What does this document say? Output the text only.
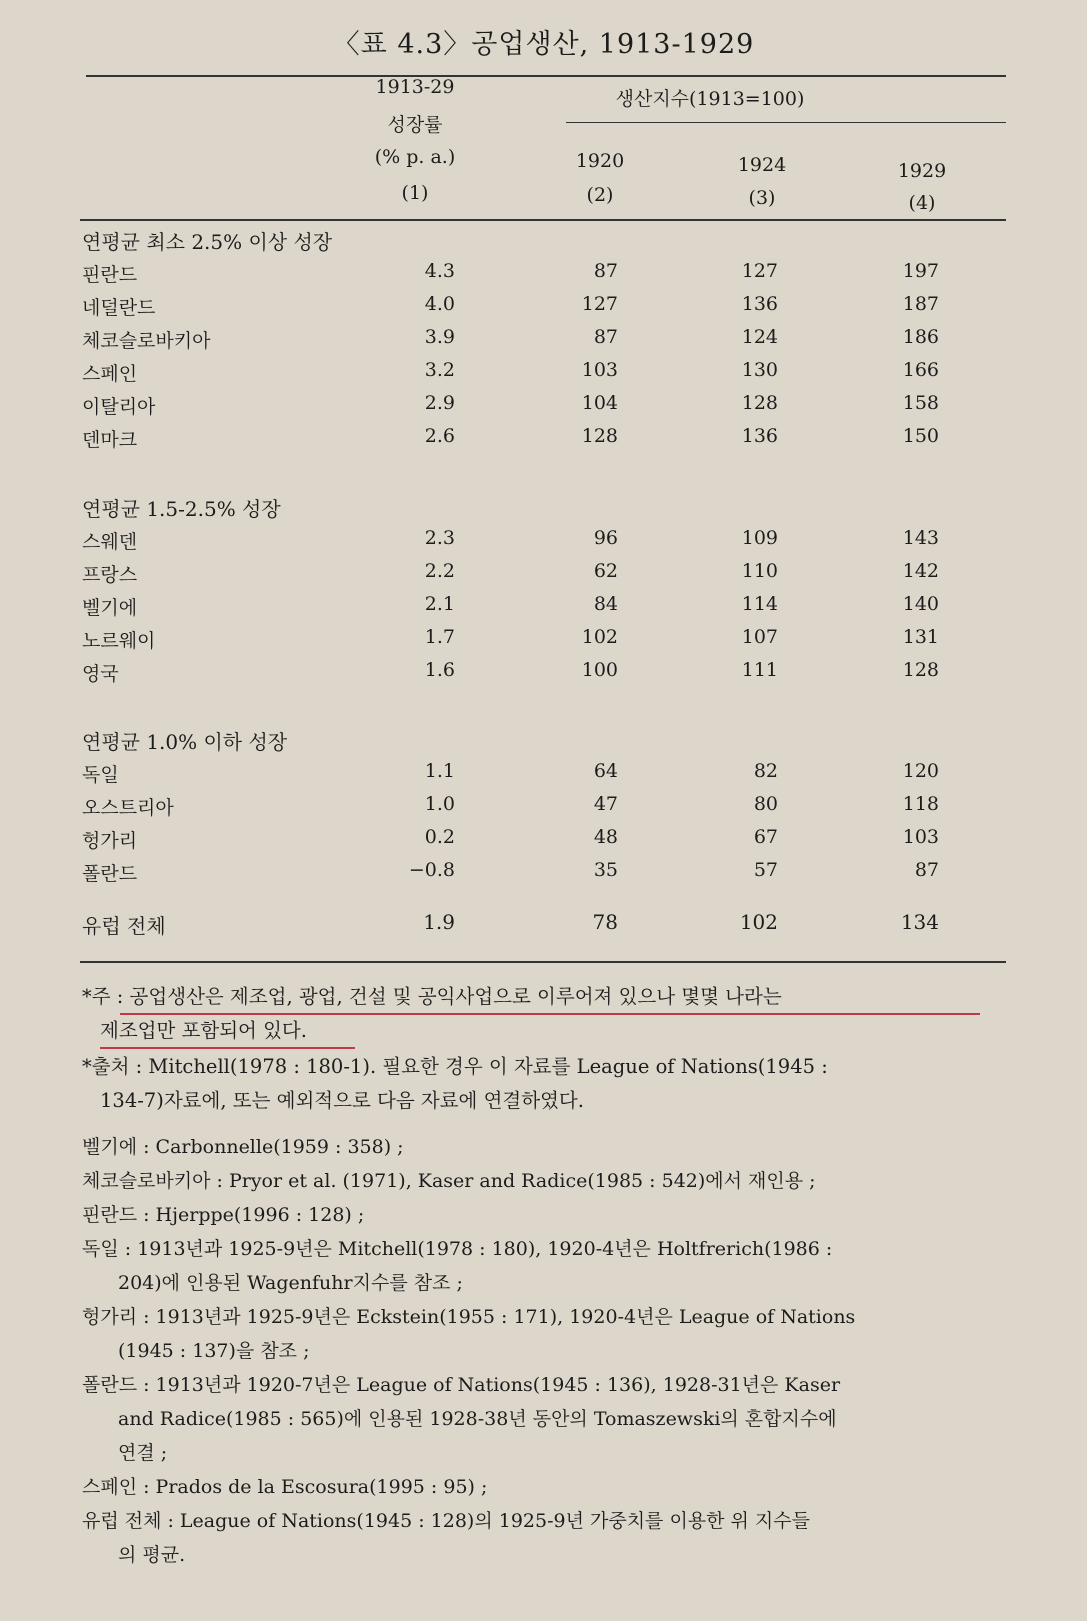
〈표 4.3〉공업생산, 1913-1929
1913-29
성장률
(% p. a.)
생산지수(1913=100)
1920	1924	1929
(1)	(2)	(3)	(4)
연평균 최소 2.5% 이상 성장
핀란드	4.3	87	127	197
네덜란드	4.0	127	136	187
체코슬로바키아	3.9	87	124	186
스페인	3.2	103	130	166
이탈리아	2.9	104	128	158
덴마크	2.6	128	136	150
연평균 1.5-2.5% 성장
스웨덴	2.3	96	109	143
프랑스	2.2	62	110	142
벨기에	2.1	84	114	140
노르웨이	1.7	102	107	131
영국	1.6	100	111	128
연평균 1.0% 이하 성장
독일	1.1	64	82	120
오스트리아	1.0	47	80	118
헝가리	0.2	48	67	103
폴란드	−0.8	35	57	87
유럽 전체	1.9	78	102	134
*주 : 공업생산은 제조업, 광업, 건설 및 공익사업으로 이루어져 있으나 몇몇 나라는
제조업만 포함되어 있다.
*출처 : Mitchell(1978 : 180-1). 필요한 경우 이 자료를 League of Nations(1945 :
134-7)자료에, 또는 예외적으로 다음 자료에 연결하였다.
벨기에 : Carbonnelle(1959 : 358) ;
체코슬로바키아 : Pryor et al. (1971), Kaser and Radice(1985 : 542)에서 재인용 ;
핀란드 : Hjerppe(1996 : 128) ;
독일 : 1913년과 1925-9년은 Mitchell(1978 : 180), 1920-4년은 Holtfrerich(1986 :
204)에 인용된 Wagenfuhr지수를 참조 ;
헝가리 : 1913년과 1925-9년은 Eckstein(1955 : 171), 1920-4년은 League of Nations
(1945 : 137)을 참조 ;
폴란드 : 1913년과 1920-7년은 League of Nations(1945 : 136), 1928-31년은 Kaser
and Radice(1985 : 565)에 인용된 1928-38년 동안의 Tomaszewski의 혼합지수에
연결 ;
스페인 : Prados de la Escosura(1995 : 95) ;
유럽 전체 : League of Nations(1945 : 128)의 1925-9년 가중치를 이용한 위 지수들
의 평균.
